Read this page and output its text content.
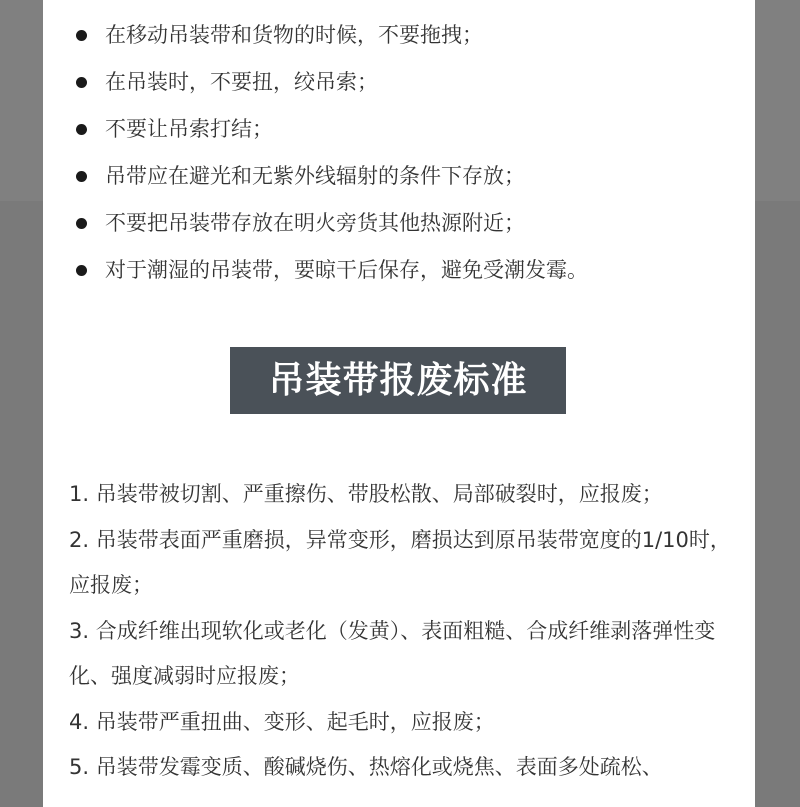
在移动吊装带和货物的时候，不要拖拽；
在吊装时，不要扭，绞吊索；
不要让吊索打结；
吊带应在避光和无紫外线辐射的条件下存放；
不要把吊装带存放在明火旁货其他热源附近；
对于潮湿的吊装带，要晾干后保存，避免受潮发霉。
吊装带报废标准
1. 吊装带被切割、严重擦伤、带股松散、局部破裂时，应报废；
2. 吊装带表面严重磨损，异常变形，磨损达到原吊装带宽度的1/10时，应报废；
3. 合成纤维出现软化或老化（发黄）、表面粗糙、合成纤维剥落弹性变化、强度减弱时应报废；
4. 吊装带严重扭曲、变形、起毛时，应报废；
5. 吊装带发霉变质、酸碱烧伤、热熔化或烧焦、表面多处疏松、
